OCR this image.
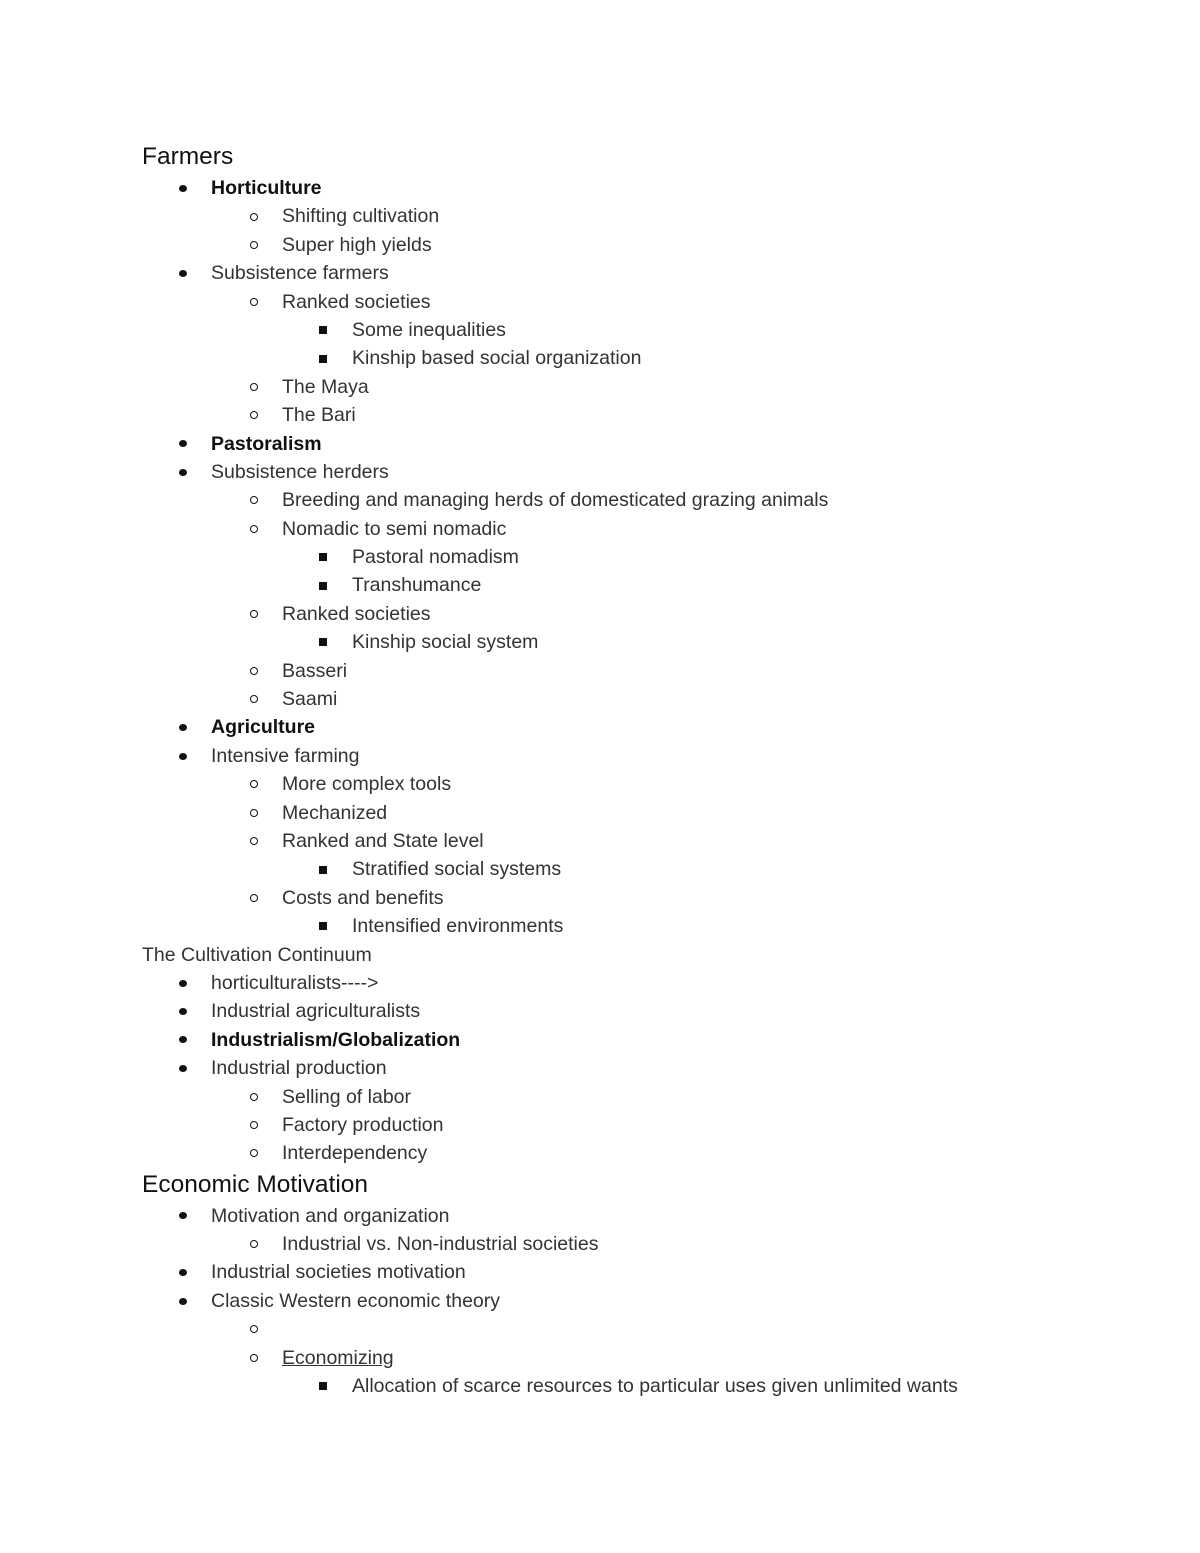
Farmers
Horticulture
Shifting cultivation
Super high yields
Subsistence farmers
Ranked societies
Some inequalities
Kinship based social organization
The Maya
The Bari
Pastoralism
Subsistence herders
Breeding and managing herds of domesticated grazing animals
Nomadic to semi nomadic
Pastoral nomadism
Transhumance
Ranked societies
Kinship social system
Basseri
Saami
Agriculture
Intensive farming
More complex tools
Mechanized
Ranked and State level
Stratified social systems
Costs and benefits
Intensified environments
The Cultivation Continuum
horticulturalists---->
Industrial agriculturalists
Industrialism/Globalization
Industrial production
Selling of labor
Factory production
Interdependency
Economic Motivation
Motivation and organization
Industrial vs. Non-industrial societies
Industrial societies motivation
Classic Western economic theory
Economizing
Allocation of scarce resources to particular uses given unlimited wants
